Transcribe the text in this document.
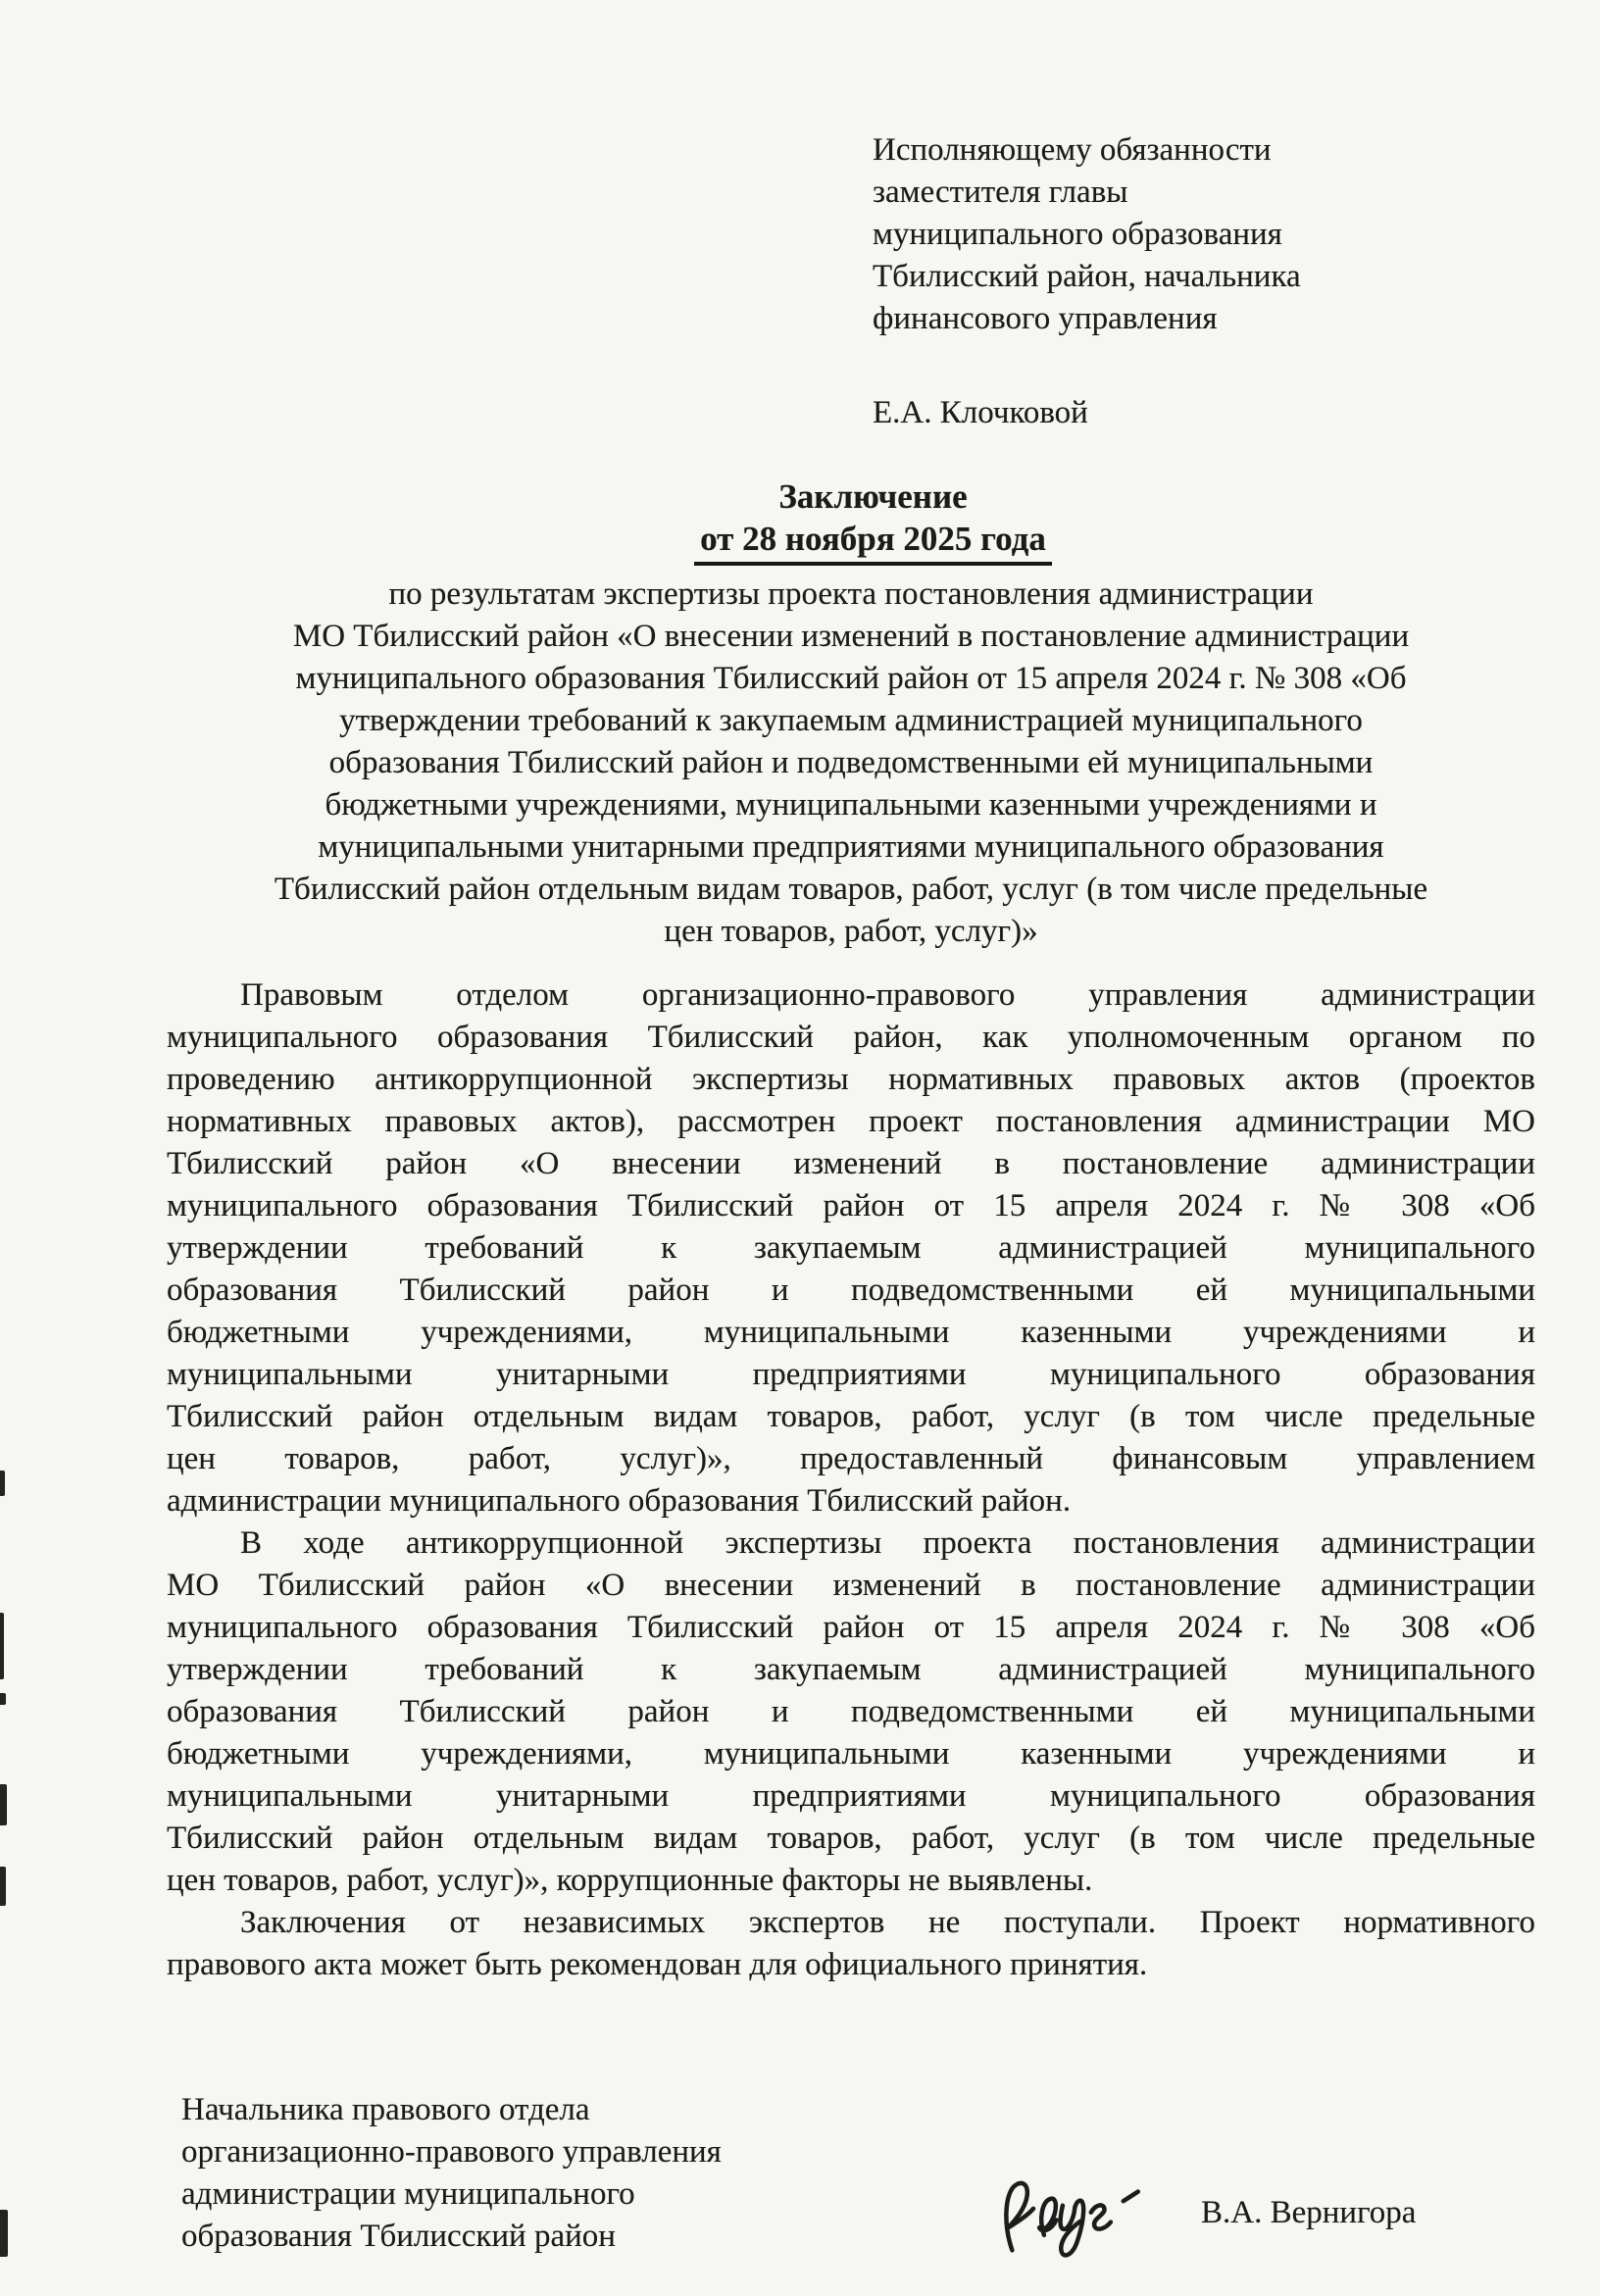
Исполняющему обязанности
заместителя главы
муниципального образования
Тбилисский район, начальника
финансового управления
Е.А. Клочковой
Заключение
от 28 ноября 2025 года
по результатам экспертизы проекта постановления администрации
МО Тбилисский район «О внесении изменений в постановление администрации
муниципального образования Тбилисский район от 15 апреля 2024 г. № 308 «Об
утверждении требований к закупаемым администрацией муниципального
образования Тбилисский район и подведомственными ей муниципальными
бюджетными учреждениями, муниципальными казенными учреждениями и
муниципальными унитарными предприятиями муниципального образования
Тбилисский район отдельным видам товаров, работ, услуг (в том числе предельные
цен товаров, работ, услуг)»
Правовым отделом организационно-правового управления администрации
муниципального образования Тбилисский район, как уполномоченным органом по
проведению антикоррупционной экспертизы нормативных правовых актов (проектов
нормативных правовых актов), рассмотрен проект постановления администрации МО
Тбилисский район «О внесении изменений в постановление администрации
муниципального образования Тбилисский район от 15 апреля 2024 г. № 308 «Об
утверждении требований к закупаемым администрацией муниципального
образования Тбилисский район и подведомственными ей муниципальными
бюджетными учреждениями, муниципальными казенными учреждениями и
муниципальными унитарными предприятиями муниципального образования
Тбилисский район отдельным видам товаров, работ, услуг (в том числе предельные
цен товаров, работ, услуг)», предоставленный финансовым управлением
администрации муниципального образования Тбилисский район.
В ходе антикоррупционной экспертизы проекта постановления администрации
МО Тбилисский район «О внесении изменений в постановление администрации
муниципального образования Тбилисский район от 15 апреля 2024 г. № 308 «Об
утверждении требований к закупаемым администрацией муниципального
образования Тбилисский район и подведомственными ей муниципальными
бюджетными учреждениями, муниципальными казенными учреждениями и
муниципальными унитарными предприятиями муниципального образования
Тбилисский район отдельным видам товаров, работ, услуг (в том числе предельные
цен товаров, работ, услуг)», коррупционные факторы не выявлены.
Заключения от независимых экспертов не поступали. Проект нормативного
правового акта может быть рекомендован для официального принятия.
Начальника правового отдела
организационно-правового управления
администрации муниципального
образования Тбилисский район
В.А. Вернигора
